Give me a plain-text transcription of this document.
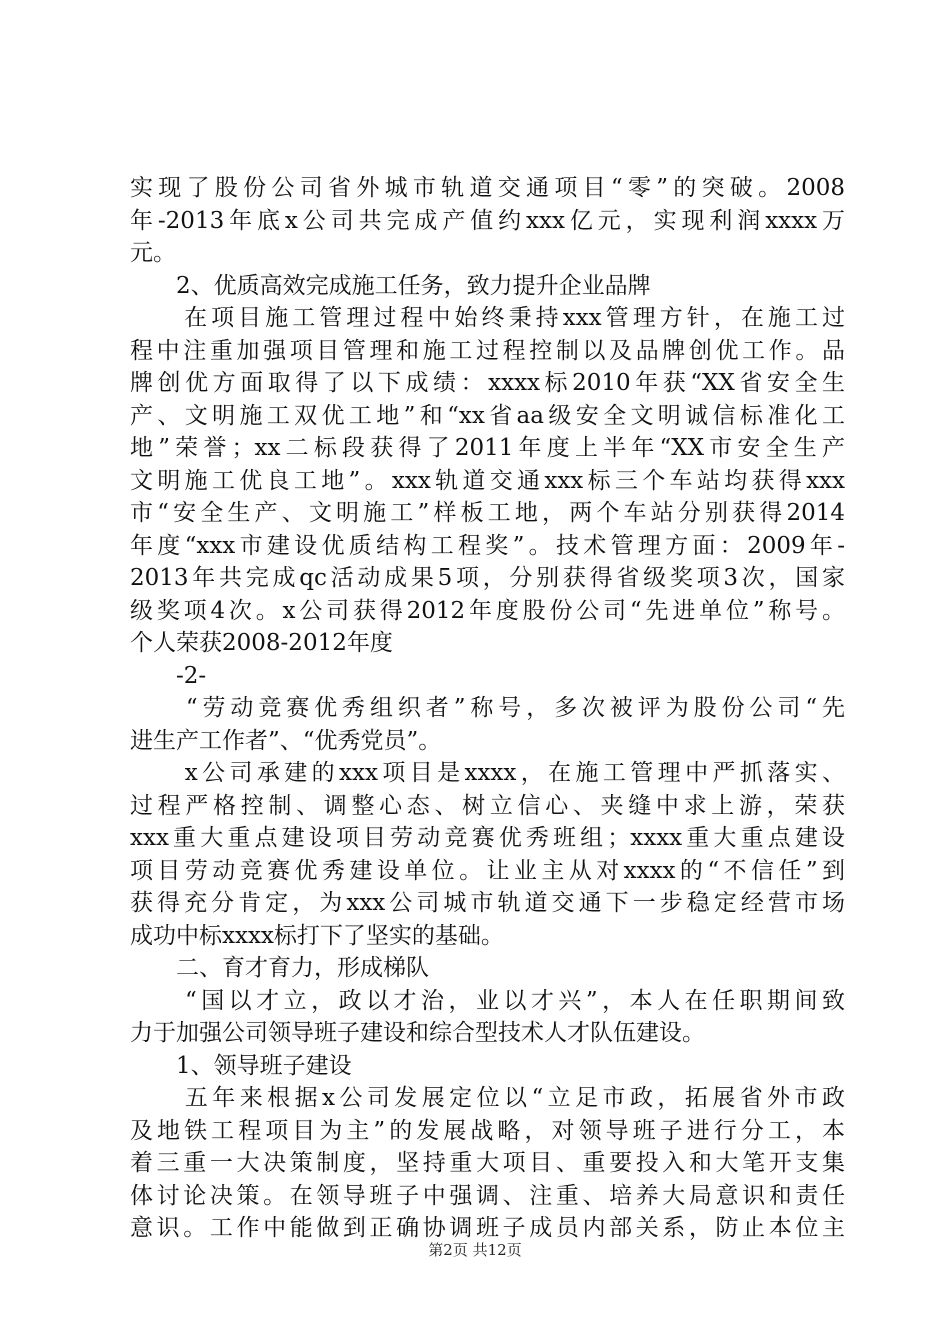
实现了股份公司省外城市轨道交通项目“零”的突破。2008
年-2013年底x公司共完成产值约xxx亿元，实现利润xxxx万
元。
　　2、优质高效完成施工任务，致力提升企业品牌
　　在项目施工管理过程中始终秉持xxx管理方针，在施工过
程中注重加强项目管理和施工过程控制以及品牌创优工作。品
牌创优方面取得了以下成绩：xxxx标2010年获“XX省安全生
产、文明施工双优工地”和“xx省aa级安全文明诚信标准化工
地”荣誉；xx二标段获得了2011年度上半年“XX市安全生产
文明施工优良工地”。xxx轨道交通xxx标三个车站均获得xxx
市“安全生产、文明施工”样板工地，两个车站分别获得2014
年度“xxx市建设优质结构工程奖”。技术管理方面：2009年-
2013年共完成qc活动成果5项，分别获得省级奖项3次，国家
级奖项4次。x公司获得2012年度股份公司“先进单位”称号。
个人荣获2008-2012年度
　　-2-
　　“劳动竞赛优秀组织者”称号，多次被评为股份公司“先
进生产工作者”、“优秀党员”。
　　x公司承建的xxx项目是xxxx，在施工管理中严抓落实、
过程严格控制、调整心态、树立信心、夹缝中求上游，荣获
xxx重大重点建设项目劳动竞赛优秀班组；xxxx重大重点建设
项目劳动竞赛优秀建设单位。让业主从对xxxx的“不信任”到
获得充分肯定，为xxx公司城市轨道交通下一步稳定经营市场
成功中标xxxx标打下了坚实的基础。
　　二、育才育力，形成梯队
　　“国以才立，政以才治，业以才兴”，本人在任职期间致
力于加强公司领导班子建设和综合型技术人才队伍建设。
　　1、领导班子建设
　　五年来根据x公司发展定位以“立足市政，拓展省外市政
及地铁工程项目为主”的发展战略，对领导班子进行分工，本
着三重一大决策制度，坚持重大项目、重要投入和大笔开支集
体讨论决策。在领导班子中强调、注重、培养大局意识和责任
意识。工作中能做到正确协调班子成员内部关系，防止本位主
第2页 共12页
